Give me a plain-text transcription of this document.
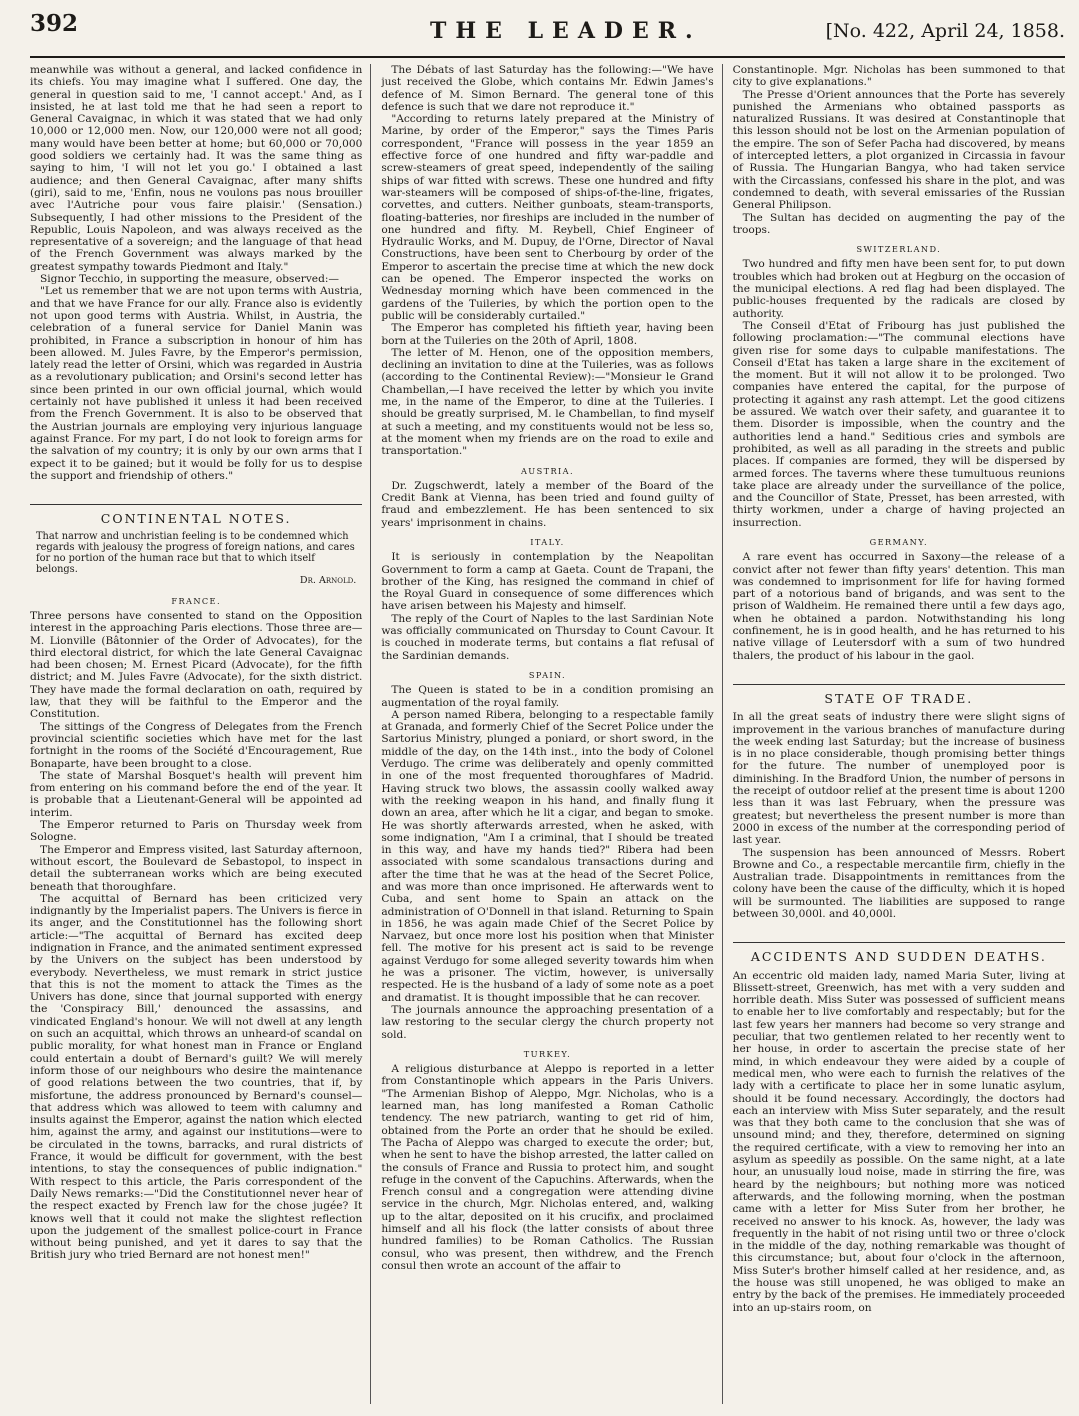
392	THE LEADER.	[No. 422, April 24, 1858.

meanwhile was without a general, and lacked confidence in its chiefs. You may imagine what I suffered. One day, the general in question said to me, 'I cannot accept.' And, as I insisted, he at last told me that he had seen a report to General Cavaignac, in which it was stated that we had only 10,000 or 12,000 men. Now, our 120,000 were not all good; many would have been better at home; but 60,000 or 70,000 good soldiers we certainly had. It was the same thing as saying to him, 'I will not let you go.' I obtained a last audience; and then General Cavaignac, after many shifts (giri), said to me, 'Enfin, nous ne voulons pas nous brouiller avec l'Autriche pour vous faire plaisir.' (Sensation.) Subsequently, I had other missions to the President of the Republic, Louis Napoleon, and was always received as the representative of a sovereign; and the language of that head of the French Government was always marked by the greatest sympathy towards Piedmont and Italy."

Signor Tecchio, in supporting the measure, observed:—

"Let us remember that we are not upon terms with Austria, and that we have France for our ally. France also is evidently not upon good terms with Austria. Whilst, in Austria, the celebration of a funeral service for Daniel Manin was prohibited, in France a subscription in honour of him has been allowed. M. Jules Favre, by the Emperor's permission, lately read the letter of Orsini, which was regarded in Austria as a revolutionary publication; and Orsini's second letter has since been printed in our own official journal, which would certainly not have published it unless it had been received from the French Government. It is also to be observed that the Austrian journals are employing very injurious language against France. For my part, I do not look to foreign arms for the salvation of my country; it is only by our own arms that I expect it to be gained; but it would be folly for us to despise the support and friendship of others."

CONTINENTAL NOTES.
That narrow and unchristian feeling is to be condemned which regards with jealousy the progress of foreign nations, and cares for no portion of the human race but that to which itself belongs.
Dr. Arnold.
FRANCE.

Three persons have consented to stand on the Opposition interest in the approaching Paris elections. Those three are—M. Lionville (Bâtonnier of the Order of Advocates), for the third electoral district, for which the late General Cavaignac had been chosen; M. Ernest Picard (Advocate), for the fifth district; and M. Jules Favre (Advocate), for the sixth district. They have made the formal declaration on oath, required by law, that they will be faithful to the Emperor and the Constitution.

The sittings of the Congress of Delegates from the French provincial scientific societies which have met for the last fortnight in the rooms of the Société d'Encouragement, Rue Bonaparte, have been brought to a close.

The state of Marshal Bosquet's health will prevent him from entering on his command before the end of the year. It is probable that a Lieutenant-General will be appointed ad interim.

The Emperor returned to Paris on Thursday week from Sologne.

The Emperor and Empress visited, last Saturday afternoon, without escort, the Boulevard de Sebastopol, to inspect in detail the subterranean works which are being executed beneath that thoroughfare.

The acquittal of Bernard has been criticized very indignantly by the Imperialist papers. The Univers is fierce in its anger, and the Constitutionnel has the following short article:—"The acquittal of Bernard has excited deep indignation in France, and the animated sentiment expressed by the Univers on the subject has been understood by everybody. Nevertheless, we must remark in strict justice that this is not the moment to attack the Times as the Univers has done, since that journal supported with energy the 'Conspiracy Bill,' denounced the assassins, and vindicated England's honour. We will not dwell at any length on such an acquittal, which throws an unheard-of scandal on public morality, for what honest man in France or England could entertain a doubt of Bernard's guilt? We will merely inform those of our neighbours who desire the maintenance of good relations between the two countries, that if, by misfortune, the address pronounced by Bernard's counsel—that address which was allowed to teem with calumny and insults against the Emperor, against the nation which elected him, against the army, and against our institutions—were to be circulated in the towns, barracks, and rural districts of France, it would be difficult for government, with the best intentions, to stay the consequences of public indignation." With respect to this article, the Paris correspondent of the Daily News remarks:—"Did the Constitutionnel never hear of the respect exacted by French law for the chose jugée? It knows well that it could not make the slightest reflection upon the judgement of the smallest police-court in France without being punished, and yet it dares to say that the British jury who tried Bernard are not honest men!"

The Débats of last Saturday has the following:—"We have just received the Globe, which contains Mr. Edwin James's defence of M. Simon Bernard. The general tone of this defence is such that we dare not reproduce it."

"According to returns lately prepared at the Ministry of Marine, by order of the Emperor," says the Times Paris correspondent, "France will possess in the year 1859 an effective force of one hundred and fifty war-paddle and screw-steamers of great speed, independently of the sailing ships of war fitted with screws. These one hundred and fifty war-steamers will be composed of ships-of-the-line, frigates, corvettes, and cutters. Neither gunboats, steam-transports, floating-batteries, nor fireships are included in the number of one hundred and fifty. M. Reybell, Chief Engineer of Hydraulic Works, and M. Dupuy, de l'Orne, Director of Naval Constructions, have been sent to Cherbourg by order of the Emperor to ascertain the precise time at which the new dock can be opened. The Emperor inspected the works on Wednesday morning which have been commenced in the gardens of the Tuileries, by which the portion open to the public will be considerably curtailed."

The Emperor has completed his fiftieth year, having been born at the Tuileries on the 20th of April, 1808.

The letter of M. Henon, one of the opposition members, declining an invitation to dine at the Tuileries, was as follows (according to the Continental Review):—"Monsieur le Grand Chambellan,—I have received the letter by which you invite me, in the name of the Emperor, to dine at the Tuileries. I should be greatly surprised, M. le Chambellan, to find myself at such a meeting, and my constituents would not be less so, at the moment when my friends are on the road to exile and transportation."

AUSTRIA.

Dr. Zugschwerdt, lately a member of the Board of the Credit Bank at Vienna, has been tried and found guilty of fraud and embezzlement. He has been sentenced to six years' imprisonment in chains.

ITALY.

It is seriously in contemplation by the Neapolitan Government to form a camp at Gaeta. Count de Trapani, the brother of the King, has resigned the command in chief of the Royal Guard in consequence of some differences which have arisen between his Majesty and himself.

The reply of the Court of Naples to the last Sardinian Note was officially communicated on Thursday to Count Cavour. It is couched in moderate terms, but contains a flat refusal of the Sardinian demands.

SPAIN.

The Queen is stated to be in a condition promising an augmentation of the royal family.

A person named Ribera, belonging to a respectable family at Granada, and formerly Chief of the Secret Police under the Sartorius Ministry, plunged a poniard, or short sword, in the middle of the day, on the 14th inst., into the body of Colonel Verdugo. The crime was deliberately and openly committed in one of the most frequented thoroughfares of Madrid. Having struck two blows, the assassin coolly walked away with the reeking weapon in his hand, and finally flung it down an area, after which he lit a cigar, and began to smoke. He was shortly afterwards arrested, when he asked, with some indignation, "Am I a criminal, that I should be treated in this way, and have my hands tied?" Ribera had been associated with some scandalous transactions during and after the time that he was at the head of the Secret Police, and was more than once imprisoned. He afterwards went to Cuba, and sent home to Spain an attack on the administration of O'Donnell in that island. Returning to Spain in 1856, he was again made Chief of the Secret Police by Narvaez, but once more lost his position when that Minister fell. The motive for his present act is said to be revenge against Verdugo for some alleged severity towards him when he was a prisoner. The victim, however, is universally respected. He is the husband of a lady of some note as a poet and dramatist. It is thought impossible that he can recover.

The journals announce the approaching presentation of a law restoring to the secular clergy the church property not sold.

TURKEY.

A religious disturbance at Aleppo is reported in a letter from Constantinople which appears in the Paris Univers. "The Armenian Bishop of Aleppo, Mgr. Nicholas, who is a learned man, has long manifested a Roman Catholic tendency. The new patriarch, wanting to get rid of him, obtained from the Porte an order that he should be exiled. The Pacha of Aleppo was charged to execute the order; but, when he sent to have the bishop arrested, the latter called on the consuls of France and Russia to protect him, and sought refuge in the convent of the Capuchins. Afterwards, when the French consul and a congregation were attending divine service in the church, Mgr. Nicholas entered, and, walking up to the altar, deposited on it his crucifix, and proclaimed himself and all his flock (the latter consists of about three hundred families) to be Roman Catholics. The Russian consul, who was present, then withdrew, and the French consul then wrote an account of the affair to

Constantinople. Mgr. Nicholas has been summoned to that city to give explanations."

The Presse d'Orient announces that the Porte has severely punished the Armenians who obtained passports as naturalized Russians. It was desired at Constantinople that this lesson should not be lost on the Armenian population of the empire. The son of Sefer Pacha had discovered, by means of intercepted letters, a plot organized in Circassia in favour of Russia. The Hungarian Bangya, who had taken service with the Circassians, confessed his share in the plot, and was condemned to death, with several emissaries of the Russian General Philipson.

The Sultan has decided on augmenting the pay of the troops.

SWITZERLAND.

Two hundred and fifty men have been sent for, to put down troubles which had broken out at Hegburg on the occasion of the municipal elections. A red flag had been displayed. The public-houses frequented by the radicals are closed by authority.

The Conseil d'Etat of Fribourg has just published the following proclamation:—"The communal elections have given rise for some days to culpable manifestations. The Conseil d'Etat has taken a large share in the excitement of the moment. But it will not allow it to be prolonged. Two companies have entered the capital, for the purpose of protecting it against any rash attempt. Let the good citizens be assured. We watch over their safety, and guarantee it to them. Disorder is impossible, when the country and the authorities lend a hand." Seditious cries and symbols are prohibited, as well as all parading in the streets and public places. If companies are formed, they will be dispersed by armed forces. The taverns where these tumultuous reunions take place are already under the surveillance of the police, and the Councillor of State, Presset, has been arrested, with thirty workmen, under a charge of having projected an insurrection.

GERMANY.

A rare event has occurred in Saxony—the release of a convict after not fewer than fifty years' detention. This man was condemned to imprisonment for life for having formed part of a notorious band of brigands, and was sent to the prison of Waldheim. He remained there until a few days ago, when he obtained a pardon. Notwithstanding his long confinement, he is in good health, and he has returned to his native village of Leutersdorf with a sum of two hundred thalers, the product of his labour in the gaol.

STATE OF TRADE.

In all the great seats of industry there were slight signs of improvement in the various branches of manufacture during the week ending last Saturday; but the increase of business is in no place considerable, though promising better things for the future. The number of unemployed poor is diminishing. In the Bradford Union, the number of persons in the receipt of outdoor relief at the present time is about 1200 less than it was last February, when the pressure was greatest; but nevertheless the present number is more than 2000 in excess of the number at the corresponding period of last year.

The suspension has been announced of Messrs. Robert Browne and Co., a respectable mercantile firm, chiefly in the Australian trade. Disappointments in remittances from the colony have been the cause of the difficulty, which it is hoped will be surmounted. The liabilities are supposed to range between 30,000l. and 40,000l.

ACCIDENTS AND SUDDEN DEATHS.

An eccentric old maiden lady, named Maria Suter, living at Blissett-street, Greenwich, has met with a very sudden and horrible death. Miss Suter was possessed of sufficient means to enable her to live comfortably and respectably; but for the last few years her manners had become so very strange and peculiar, that two gentlemen related to her recently went to her house, in order to ascertain the precise state of her mind, in which endeavour they were aided by a couple of medical men, who were each to furnish the relatives of the lady with a certificate to place her in some lunatic asylum, should it be found necessary. Accordingly, the doctors had each an interview with Miss Suter separately, and the result was that they both came to the conclusion that she was of unsound mind; and they, therefore, determined on signing the required certificate, with a view to removing her into an asylum as speedily as possible. On the same night, at a late hour, an unusually loud noise, made in stirring the fire, was heard by the neighbours; but nothing more was noticed afterwards, and the following morning, when the postman came with a letter for Miss Suter from her brother, he received no answer to his knock. As, however, the lady was frequently in the habit of not rising until two or three o'clock in the middle of the day, nothing remarkable was thought of this circumstance; but, about four o'clock in the afternoon, Miss Suter's brother himself called at her residence, and, as the house was still unopened, he was obliged to make an entry by the back of the premises. He immediately proceeded into an up-stairs room, on
